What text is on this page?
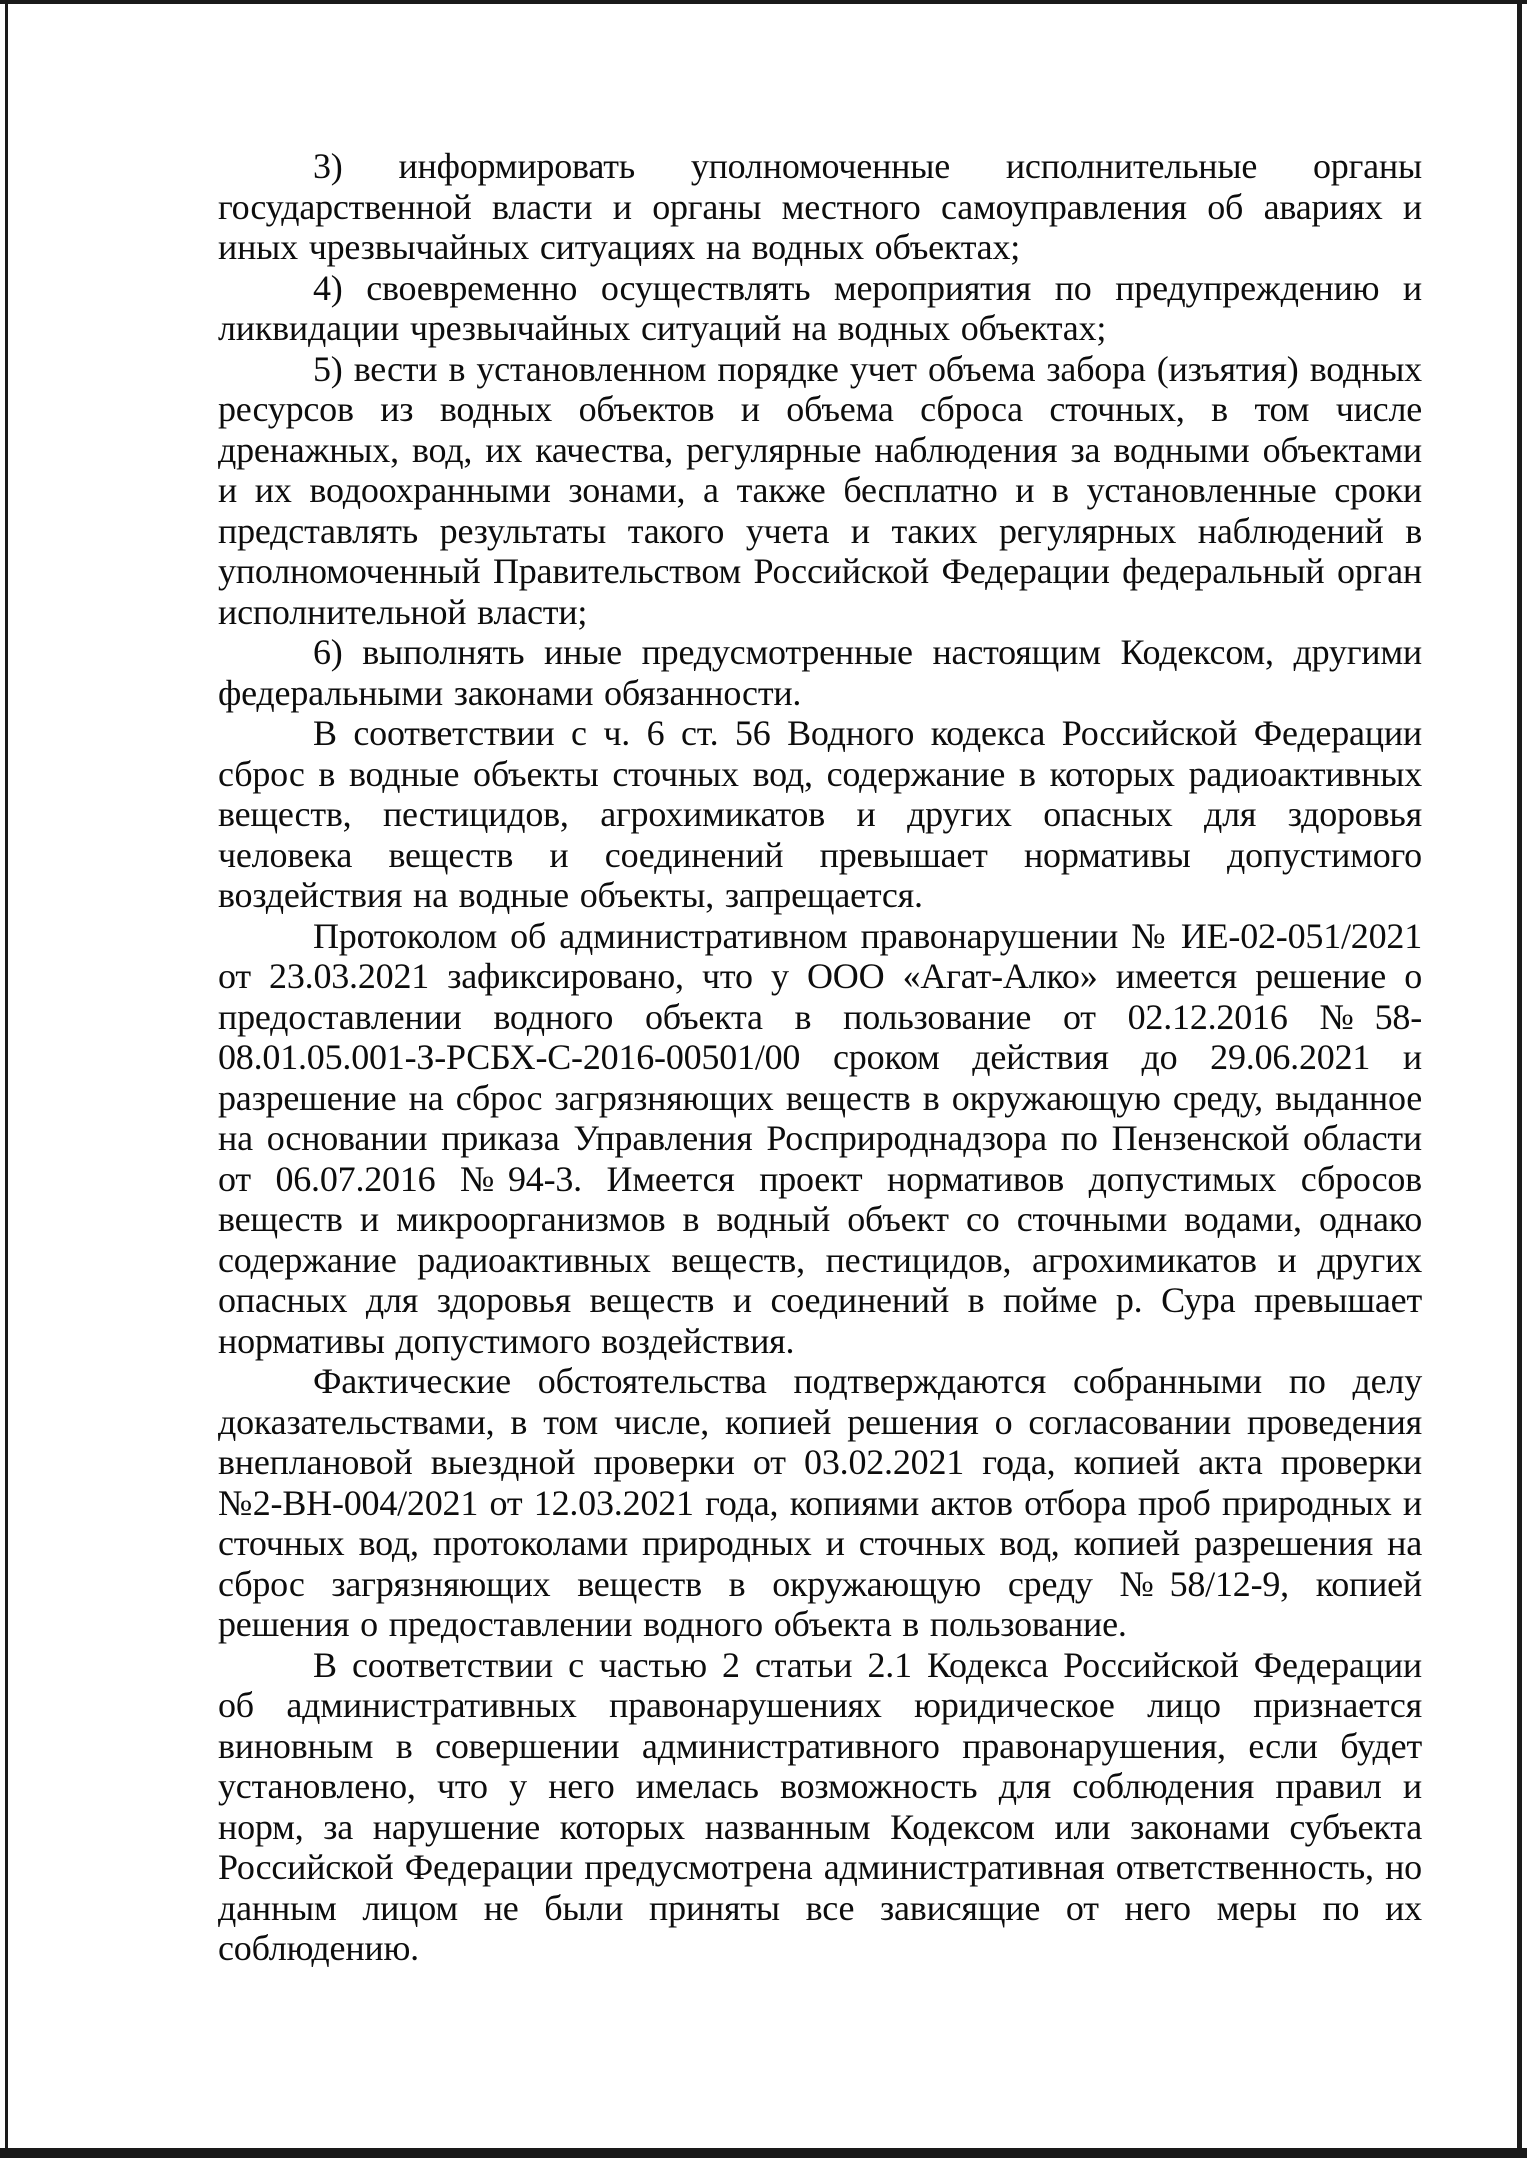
3) информировать уполномоченные исполнительные органы государственной власти и органы местного самоуправления об авариях и иных чрезвычайных ситуациях на водных объектах;

4) своевременно осуществлять мероприятия по предупреждению и ликвидации чрезвычайных ситуаций на водных объектах;

5) вести в установленном порядке учет объема забора (изъятия) водных ресурсов из водных объектов и объема сброса сточных, в том числе дренажных, вод, их качества, регулярные наблюдения за водными объектами и их водоохранными зонами, а также бесплатно и в установленные сроки представлять результаты такого учета и таких регулярных наблюдений в уполномоченный Правительством Российской Федерации федеральный орган исполнительной власти;

6) выполнять иные предусмотренные настоящим Кодексом, другими федеральными законами обязанности.

В соответствии с ч. 6 ст. 56 Водного кодекса Российской Федерации сброс в водные объекты сточных вод, содержание в которых радиоактивных веществ, пестицидов, агрохимикатов и других опасных для здоровья человека веществ и соединений превышает нормативы допустимого воздействия на водные объекты, запрещается.

Протоколом об административном правонарушении № ИЕ-02-051/2021 от 23.03.2021 зафиксировано, что у ООО «Агат-Алко» имеется решение о предоставлении водного объекта в пользование от 02.12.2016 №58-08.01.05.001-З-РСБХ-С-2016-00501/00 сроком действия до 29.06.2021 и разрешение на сброс загрязняющих веществ в окружающую среду, выданное на основании приказа Управления Росприроднадзора по Пензенской области от 06.07.2016 №94-3. Имеется проект нормативов допустимых сбросов веществ и микроорганизмов в водный объект со сточными водами, однако содержание радиоактивных веществ, пестицидов, агрохимикатов и других опасных для здоровья веществ и соединений в пойме р. Сура превышает нормативы допустимого воздействия.

Фактические обстоятельства подтверждаются собранными по делу доказательствами, в том числе, копией решения о согласовании проведения внеплановой выездной проверки от 03.02.2021 года, копией акта проверки №2-ВН-004/2021 от 12.03.2021 года, копиями актов отбора проб природных и сточных вод, протоколами природных и сточных вод, копией разрешения на сброс загрязняющих веществ в окружающую среду №58/12-9, копией решения о предоставлении водного объекта в пользование.

В соответствии с частью 2 статьи 2.1 Кодекса Российской Федерации об административных правонарушениях юридическое лицо признается виновным в совершении административного правонарушения, если будет установлено, что у него имелась возможность для соблюдения правил и норм, за нарушение которых названным Кодексом или законами субъекта Российской Федерации предусмотрена административная ответственность, но данным лицом не были приняты все зависящие от него меры по их соблюдению.
